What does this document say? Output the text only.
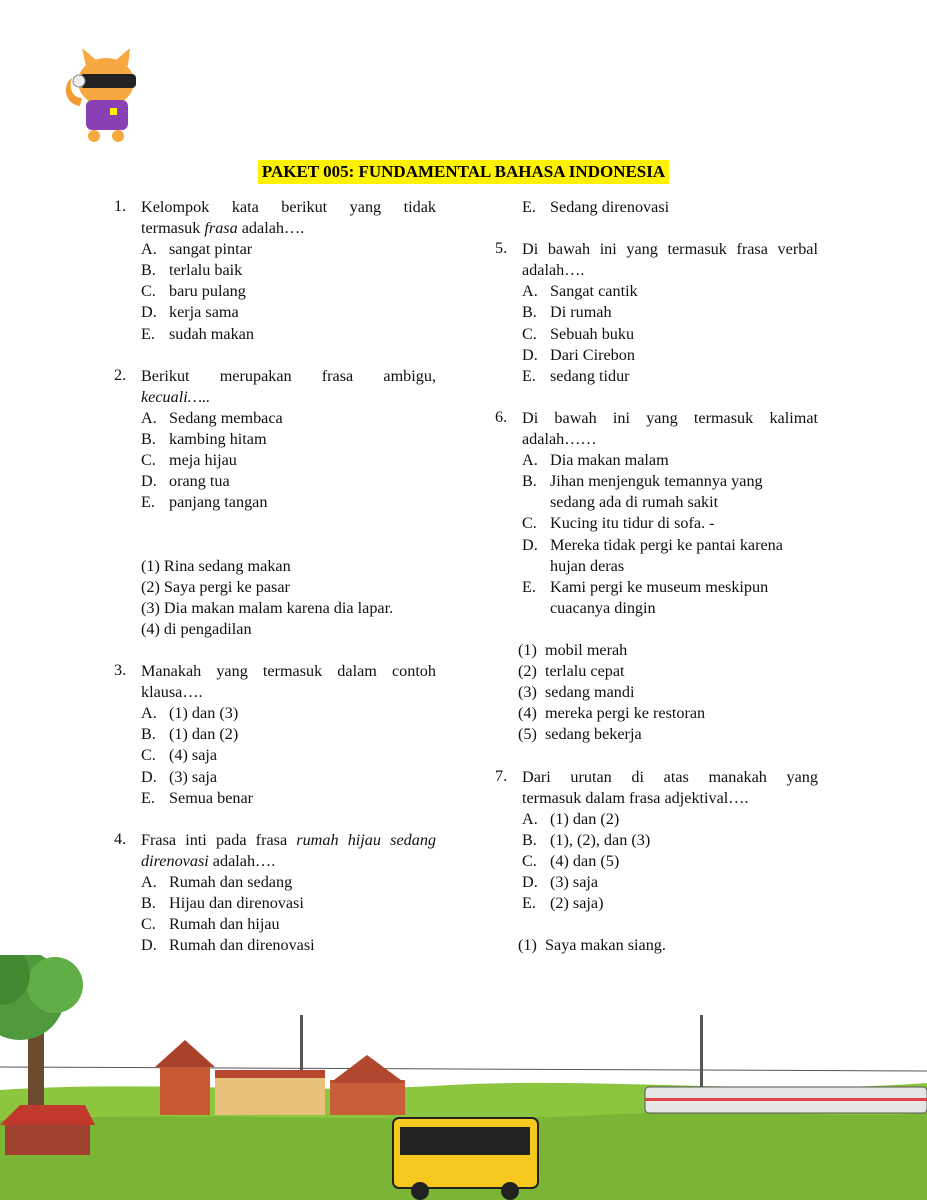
PAKET 005: FUNDAMENTAL BAHASA INDONESIA
1. Kelompok kata berikut yang tidak
termasuk frasa adalah….
A. sangat pintar
B. terlalu baik
C. baru pulang
D. kerja sama
E. sudah makan
2. Berikut merupakan frasa ambigu,
kecuali…..
A. Sedang membaca
B. kambing hitam
C. meja hijau
D. orang tua
E. panjang tangan
(1) Rina sedang makan
(2) Saya pergi ke pasar
(3) Dia makan malam karena dia lapar.
(4) di pengadilan
3. Manakah yang termasuk dalam contoh
klausa….
A. (1) dan (3)
B. (1) dan (2)
C. (4) saja
D. (3) saja
E. Semua benar
4. Frasa inti pada frasa rumah hijau sedang
direnovasi adalah….
A. Rumah dan sedang
B. Hijau dan direnovasi
C. Rumah dan hijau
D. Rumah dan direnovasi
E. Sedang direnovasi
5. Di bawah ini yang termasuk frasa verbal
adalah….
A. Sangat cantik
B. Di rumah
C. Sebuah buku
D. Dari Cirebon
E. sedang tidur
6. Di bawah ini yang termasuk kalimat
adalah……
A. Dia makan malam
B. Jihan menjenguk temannya yang
sedang ada di rumah sakit
C. Kucing itu tidur di sofa. -
D. Mereka tidak pergi ke pantai karena
hujan deras
E. Kami pergi ke museum meskipun
cuacanya dingin
(1) mobil merah
(2) terlalu cepat
(3) sedang mandi
(4) mereka pergi ke restoran
(5) sedang bekerja
7. Dari urutan di atas manakah yang
termasuk dalam frasa adjektival….
A. (1) dan (2)
B. (1), (2), dan (3)
C. (4) dan (5)
D. (3) saja
E. (2) saja)
(1) Saya makan siang.
